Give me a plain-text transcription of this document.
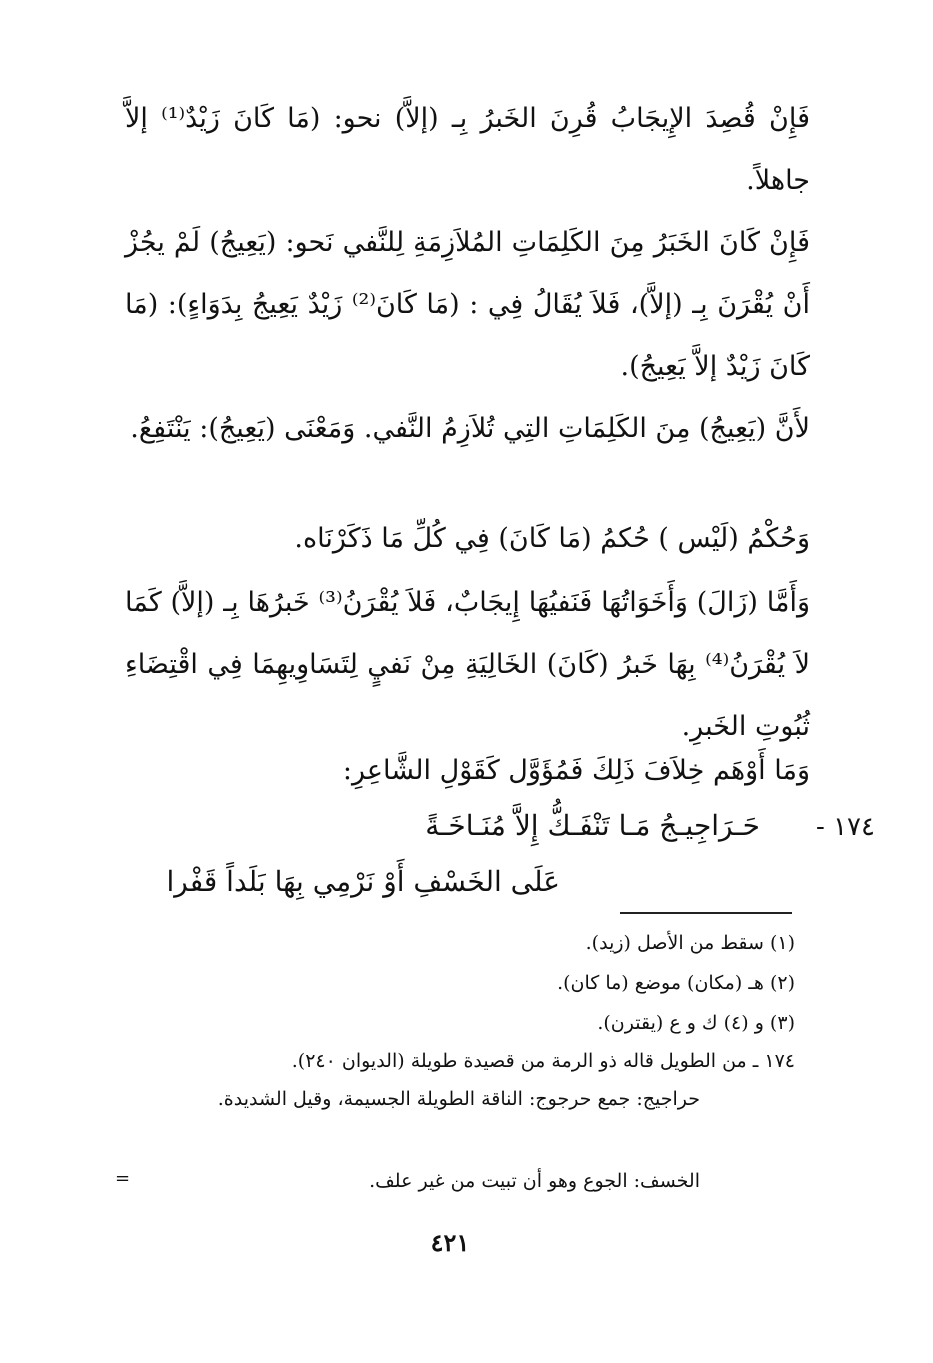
فَإِنْ قُصِدَ الإِيجَابُ قُرِنَ الخَبرُ بِـ (إلاَّ) نحو: (مَا كَانَ زَيْدٌ⁽¹⁾ إلاَّ جاهلاً.

فَإِنْ كَانَ الخَبَرُ مِنَ الكَلِمَاتِ المُلاَزِمَةِ لِلنَّفي نَحو: (يَعِيجُ) لَمْ يجُزْ أَنْ يُقْرَنَ بِـ (إلاَّ)، فَلاَ يُقَالُ فِي : (مَا كَانَ⁽²⁾ زَيْدٌ يَعِيجُ بِدَوَاءٍ): (مَا كَانَ زَيْدٌ إلاَّ يَعِيجُ).

لأَنَّ (يَعِيجُ) مِنَ الكَلِمَاتِ التِي تُلاَزِمُ النَّفي. وَمَعْنَى (يَعِيجُ): يَنْتَفِعُ.

وَحُكْمُ (لَيْس ) حُكمُ (مَا كَانَ) فِي كُلِّ مَا ذَكَرْنَاه.

وَأَمَّا (زَالَ) وَأَخَوَاتُهَا فَنَفيُهَا إِيجَابٌ، فَلاَ يُقْرَنُ⁽³⁾ خَبرُهَا بِـ (إلاَّ) كَمَا لاَ يُقْرَنُ⁽⁴⁾ بِهَا خَبرُ (كَانَ) الخَالِيَةِ مِنْ نَفيٍ لِتَسَاوِيهِمَا فِي اقْتِضَاءِ ثُبُوتِ الخَبرِ.

وَمَا أَوْهَم خِلاَفَ ذَلِكَ فَمُؤَوَّل كَقَوْلِ الشَّاعِرِ:

١٧٤ -
حَـرَاجِيـجُ مَـا تَنْفَـكُّ إِلاَّ مُنَـاخَـةً
عَلَى الخَسْفِ أَوْ نَرْمِي بِهَا بَلَداً قَفْرا
(١) سقط من الأصل (زيد).
(٢) هـ (مكان) موضع (ما كان).
(٣) و (٤) ك و ع (يقترن).
١٧٤ ـ من الطويل قاله ذو الرمة من قصيدة طويلة (الديوان ٢٤٠).
حراجيج: جمع حرجوج: الناقة الطويلة الجسيمة، وقيل الشديدة.
الخسف: الجوع وهو أن تبيت من غير علف.
=
٤٢١
